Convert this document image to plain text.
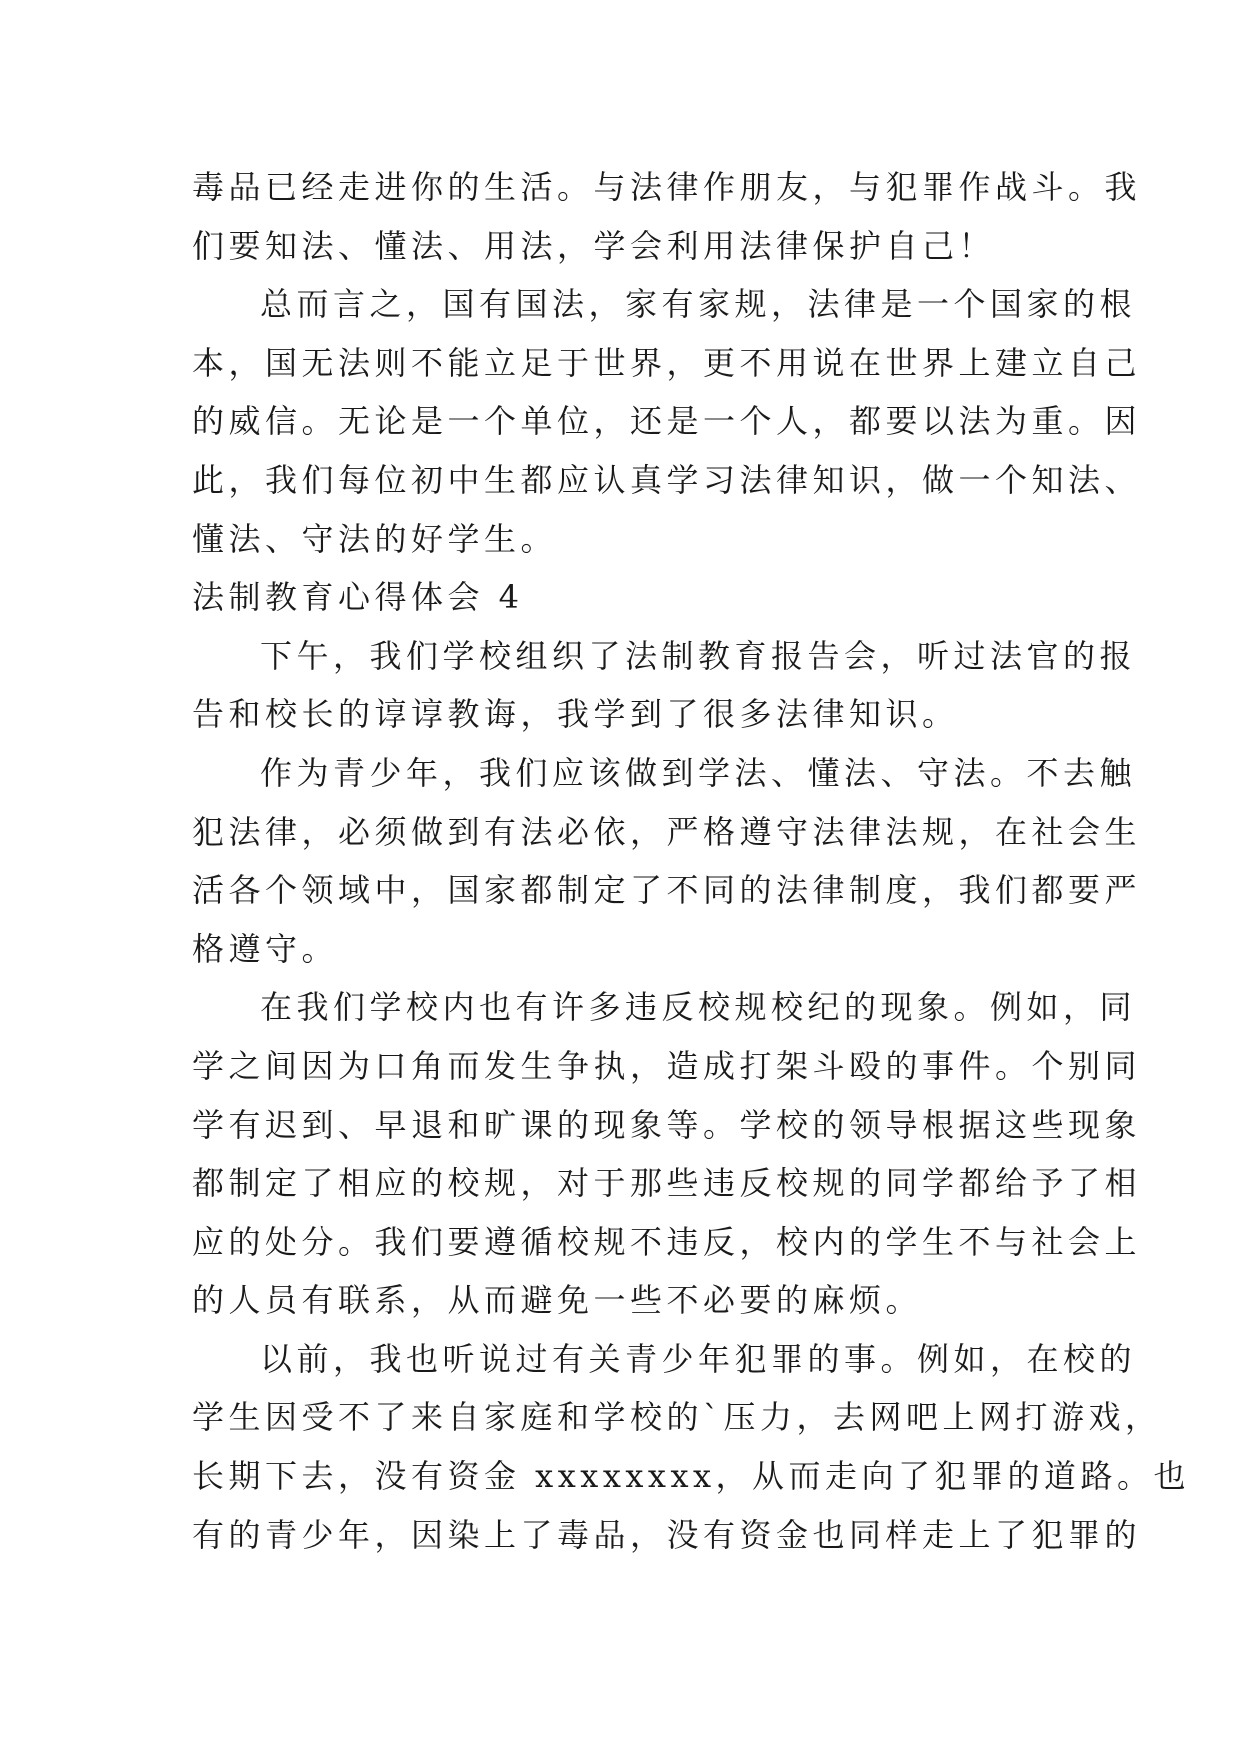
毒品已经走进你的生活。与法律作朋友，与犯罪作战斗。我
们要知法、懂法、用法，学会利用法律保护自己！
总而言之，国有国法，家有家规，法律是一个国家的根
本，国无法则不能立足于世界，更不用说在世界上建立自己
的威信。无论是一个单位，还是一个人，都要以法为重。因
此，我们每位初中生都应认真学习法律知识，做一个知法、
懂法、守法的好学生。
法制教育心得体会 4
下午，我们学校组织了法制教育报告会，听过法官的报
告和校长的谆谆教诲，我学到了很多法律知识。
作为青少年，我们应该做到学法、懂法、守法。不去触
犯法律，必须做到有法必依，严格遵守法律法规，在社会生
活各个领域中，国家都制定了不同的法律制度，我们都要严
格遵守。
在我们学校内也有许多违反校规校纪的现象。例如，同
学之间因为口角而发生争执，造成打架斗殴的事件。个别同
学有迟到、早退和旷课的现象等。学校的领导根据这些现象
都制定了相应的校规，对于那些违反校规的同学都给予了相
应的处分。我们要遵循校规不违反，校内的学生不与社会上
的人员有联系，从而避免一些不必要的麻烦。
以前，我也听说过有关青少年犯罪的事。例如，在校的
学生因受不了来自家庭和学校的`压力，去网吧上网打游戏，
长期下去，没有资金 xxxxxxxx，从而走向了犯罪的道路。也
有的青少年，因染上了毒品，没有资金也同样走上了犯罪的
